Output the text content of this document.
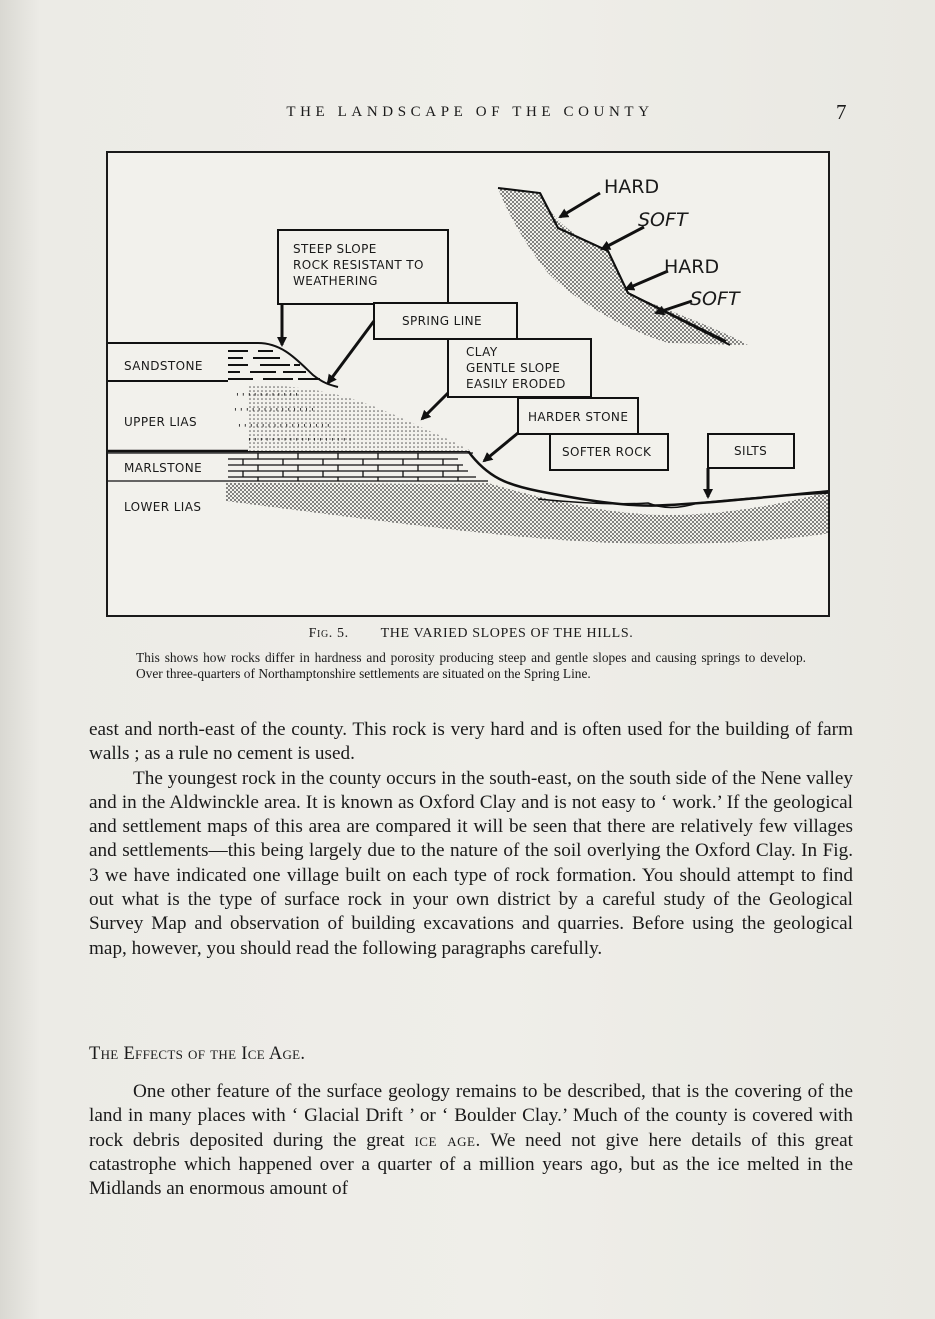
THE LANDSCAPE OF THE COUNTY	7
' ' ' ' ' ' ' ' ' ' '
' ' ' ' ' ' ' ' ' ' ' ' ' '
' ' ' ' ' ' ' ' ' ' ' ' ' ' ' '
' ' ' ' ' ' ' ' ' ' ' ' ' ' ' ' ' '
STEEP SLOPE
ROCK RESISTANT TO
WEATHERING
SPRING LINE
CLAY
GENTLE SLOPE
EASILY ERODED
HARDER STONE
SOFTER ROCK	SILTS
SANDSTONE
UPPER LIAS
MARLSTONE
LOWER LIAS
HARD
SOFT
HARD
SOFT
Fig. 5. THE VARIED SLOPES OF THE HILLS.
This shows how rocks differ in hardness and porosity producing steep and gentle slopes and causing springs to develop. Over three-quarters of Northamptonshire settlements are situated on the Spring Line.

east and north-east of the county. This rock is very hard and is often used for the building of farm walls ; as a rule no cement is used.

The youngest rock in the county occurs in the south-east, on the south side of the Nene valley and in the Aldwinckle area. It is known as Oxford Clay and is not easy to ‘ work.’ If the geological and settlement maps of this area are compared it will be seen that there are relatively few villages and settlements—this being largely due to the nature of the soil overlying the Oxford Clay. In Fig. 3 we have indicated one village built on each type of rock formation. You should attempt to find out what is the type of surface rock in your own district by a careful study of the Geological Survey Map and observation of building excavations and quarries. Before using the geological map, however, you should read the following paragraphs carefully.

The Effects of the Ice Age.

One other feature of the surface geology remains to be described, that is the covering of the land in many places with ‘ Glacial Drift ’ or ‘ Boulder Clay.’ Much of the county is covered with rock debris deposited during the great ice age. We need not give here details of this great catastrophe which happened over a quarter of a million years ago, but as the ice melted in the Midlands an enormous amount of
